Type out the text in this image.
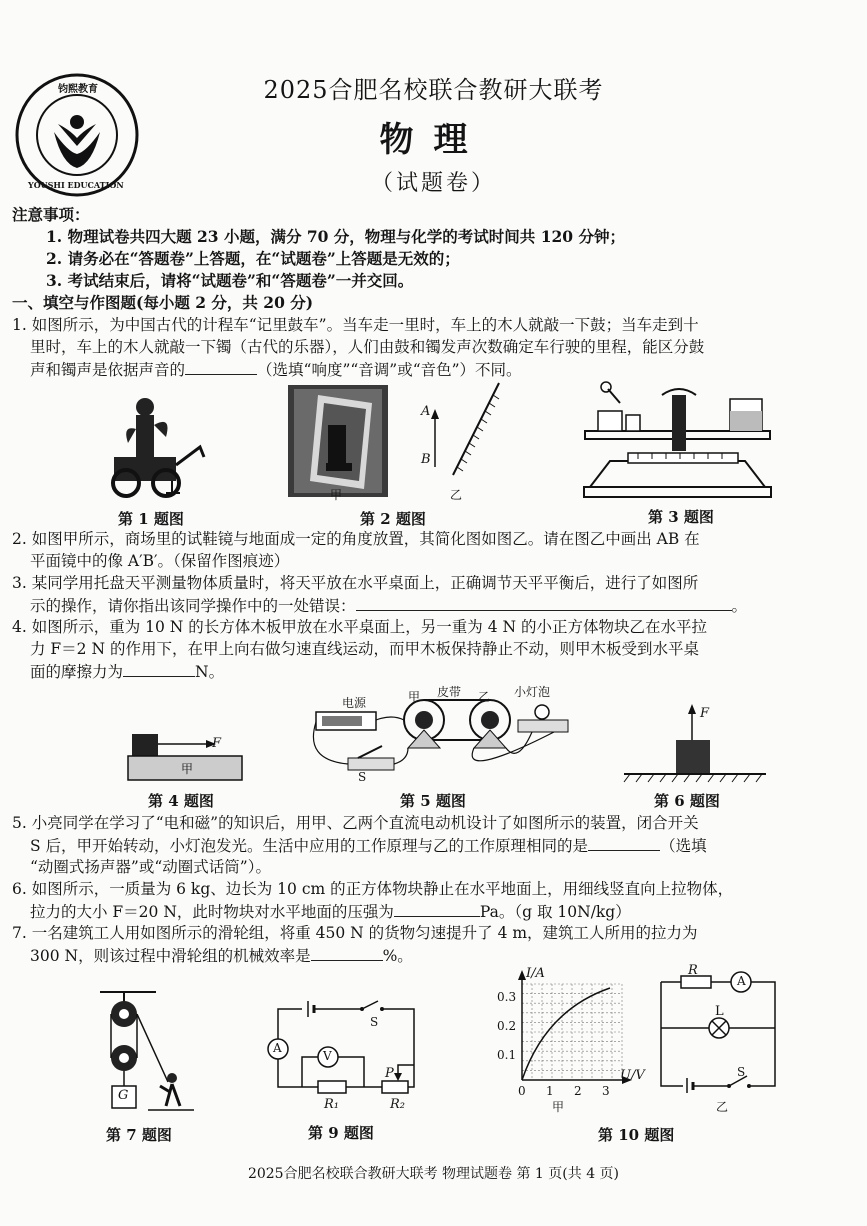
钧熙教育
YOUSHI EDUCATION
2025合肥名校联合教研大联考
物理
（试题卷）
注意事项：
1. 物理试卷共四大题 23 小题，满分 70 分，物理与化学的考试时间共 120 分钟；
2. 请务必在“答题卷”上答题，在“试题卷”上答题是无效的；
3. 考试结束后，请将“试题卷”和“答题卷”一并交回。
一、填空与作图题(每小题 2 分，共 20 分)
1. 如图所示，为中国古代的计程车“记里鼓车”。当车走一里时，车上的木人就敲一下鼓；当车走到十
里时，车上的木人就敲一下镯（古代的乐器），人们由鼓和镯发声次数确定车行驶的里程，能区分鼓
声和镯声是依据声音的	（选填“响度”“音调”或“音色”）不同。
第 1 题图
甲
A
B
乙
第 2 题图	第 3 题图
2. 如图甲所示，商场里的试鞋镜与地面成一定的角度放置，其简化图如图乙。请在图乙中画出 AB 在
平面镜中的像 A′B′。（保留作图痕迹）
3. 某同学用托盘天平测量物体质量时，将天平放在水平桌面上，正确调节天平平衡后，进行了如图所
示的操作，请你指出该同学操作中的一处错误：	。
4. 如图所示，重为 10 N 的长方体木板甲放在水平桌面上，另一重为 4 N 的小正方体物块乙在水平拉
力 F＝2 N 的作用下，在甲上向右做匀速直线运动，而甲木板保持静止不动，则甲木板受到水平桌
面的摩擦力为	N。
F
甲
第 4 题图
电源	甲 皮带 乙 小灯泡
S
第 5 题图
F
第 6 题图
5. 小亮同学在学习了“电和磁”的知识后，用甲、乙两个直流电动机设计了如图所示的装置，闭合开关
S 后，甲开始转动，小灯泡发光。生活中应用的工作原理与乙的工作原理相同的是	（选填
“动圈式扬声器”或“动圈式话筒”）。
6. 如图所示，一质量为 6 kg、边长为 10 cm 的正方体物块静止在水平地面上，用细线竖直向上拉物体，
拉力的大小 F＝20 N，此时物块对水平地面的压强为	Pa。（g 取 10N/kg）
7. 一名建筑工人用如图所示的滑轮组，将重 450 N 的货物匀速提升了 4 m，建筑工人所用的拉力为
300 N，则该过程中滑轮组的机械效率是	%。
G
第 7 题图
A
V
S
P
R₁	R₂
第 9 题图
I/A
U/V
0.3
0.2
0.1
0 1 2 3
甲
R
A
L
S
乙
第 10 题图
2025合肥名校联合教研大联考 物理试题卷 第 1 页(共 4 页)
